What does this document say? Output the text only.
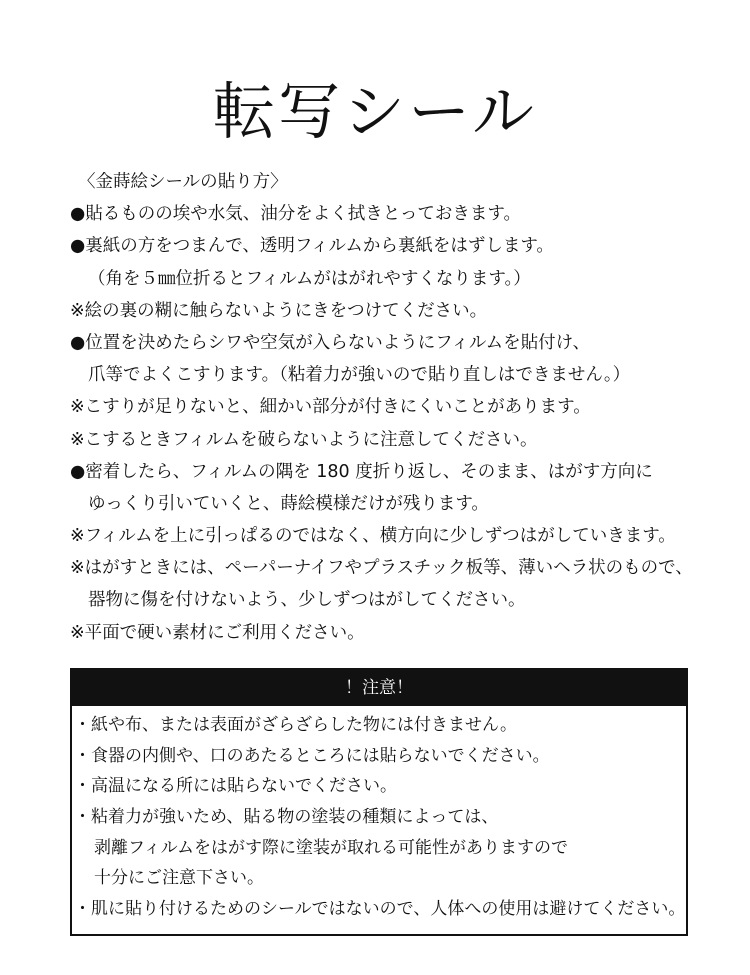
転写シール
〈金蒔絵シールの貼り方〉
●貼るものの埃や水気、油分をよく拭きとっておきます。
●裏紙の方をつまんで、透明フィルムから裏紙をはずします。
（角を５㎜位折るとフィルムがはがれやすくなります。）
※絵の裏の糊に触らないようにきをつけてください。
●位置を決めたらシワや空気が入らないようにフィルムを貼付け、
爪等でよくこすります。（粘着力が強いので貼り直しはできません。）
※こすりが足りないと、細かい部分が付きにくいことがあります。
※こするときフィルムを破らないように注意してください。
●密着したら、フィルムの隅を 180 度折り返し、そのまま、はがす方向に
ゆっくり引いていくと、蒔絵模様だけが残ります。
※フィルムを上に引っぱるのではなく、横方向に少しずつはがしていきます。
※はがすときには、ペーパーナイフやプラスチック板等、薄いヘラ状のもので、
器物に傷を付けないよう、少しずつはがしてください。
※平面で硬い素材にご利用ください。
！注意！
・紙や布、または表面がざらざらした物には付きません。
・食器の内側や、口のあたるところには貼らないでください。
・高温になる所には貼らないでください。
・粘着力が強いため、貼る物の塗装の種類によっては、
剥離フィルムをはがす際に塗装が取れる可能性がありますので
十分にご注意下さい。
・肌に貼り付けるためのシールではないので、人体への使用は避けてください。
